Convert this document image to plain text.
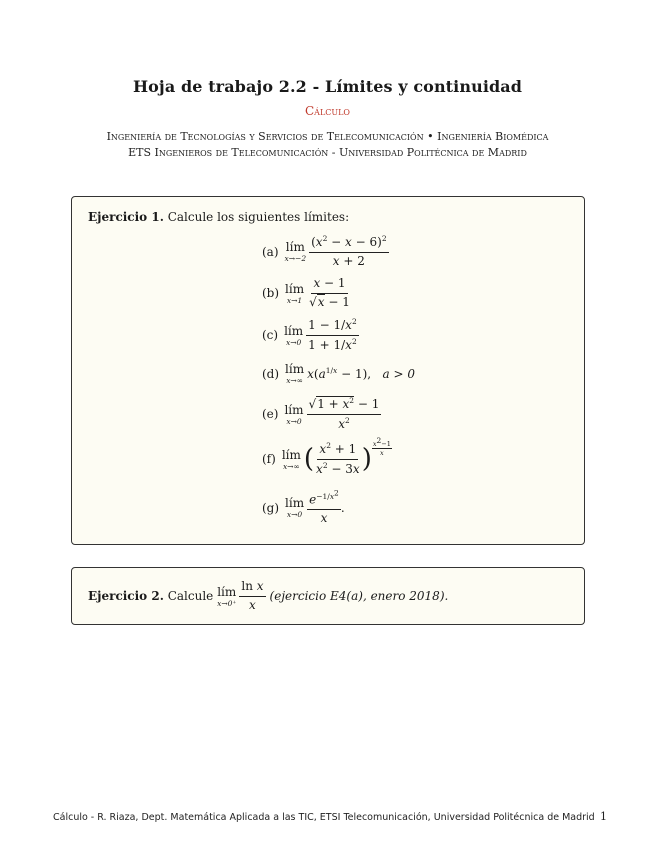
Hoja de trabajo 2.2 - Límites y continuidad
Cálculo
Ingeniería de Tecnologías y Servicios de Telecomunicación • Ingeniería Biomédica
ETS Ingenieros de Telecomunicación - Universidad Politécnica de Madrid
Ejercicio 1. Calcule los siguientes límites:
(a) lím
$x\to-2 \frac{(x^2 - x - 6)^2}{x + 2}$
(b) lím
$x\to 1 \frac{x - 1}{√x - 1}$
(c) lím
$x\to 0 \frac{1 - 1/x^2}{1 + 1/x^2}$
(d) lím
x→∞ $x(a^{1/x} - 1)$, a > 0
(e) lím
$x\to 0 \frac{√1 + x^2 - 1}{x^2}$
(f) lím
x→∞ ( $\frac{x^2 + 1}{x^2 - 3x}$ )
$x^2-1$
x
(g) lím
$x\to 0 \frac{e^{-1/x^2}}{x}$ .
Ejercicio 2.
Calcule
lím
$x\to 0^+ \frac{\text{ln x}}{x}$ (ejercicio E4(a), enero 2018).
Cálculo - R. Riaza, Dept. Matemática Aplicada a las TIC, ETSI Telecomunicación, Universidad Politécnica de Madrid 1
